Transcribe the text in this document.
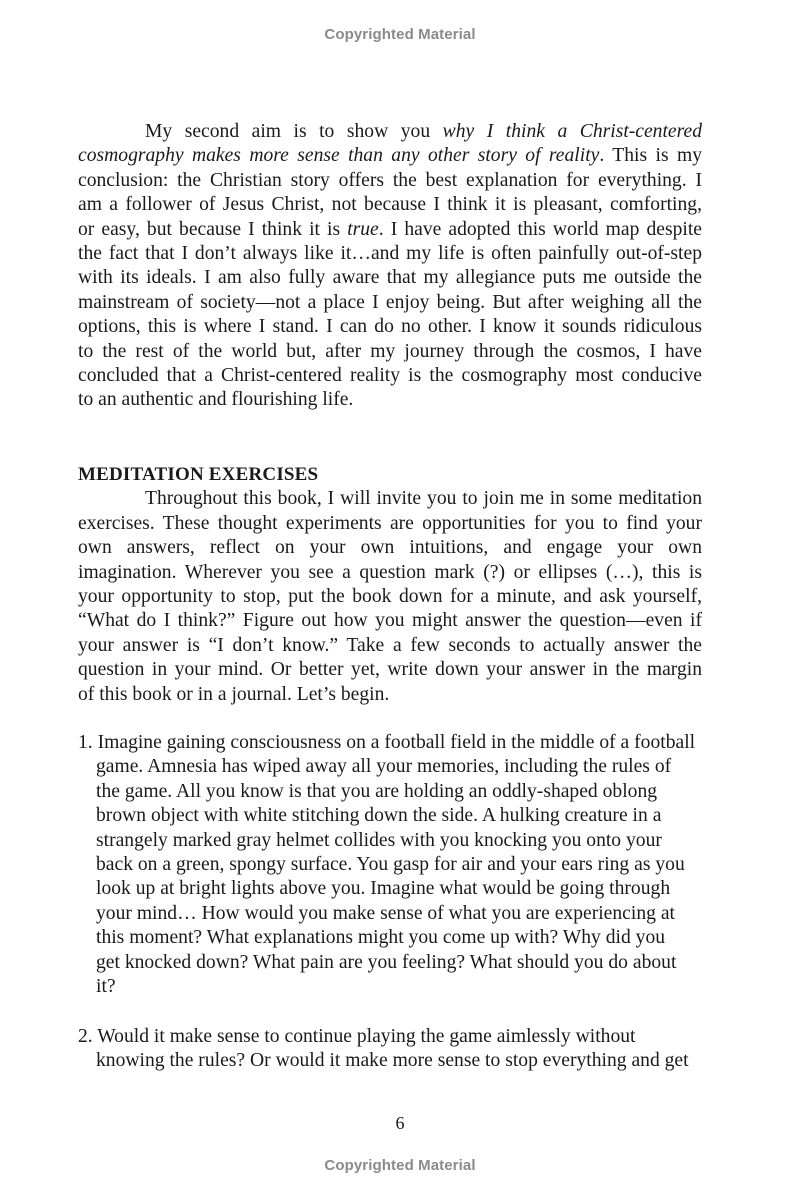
Copyrighted Material
My second aim is to show you why I think a Christ-centered
cosmography makes more sense than any other story of reality. This is my
conclusion: the Christian story offers the best explanation for everything. I
am a follower of Jesus Christ, not because I think it is pleasant, comforting,
or easy, but because I think it is true. I have adopted this world map despite
the fact that I don’t always like it…and my life is often painfully out-of-step
with its ideals. I am also fully aware that my allegiance puts me outside the
mainstream of society—not a place I enjoy being. But after weighing all the
options, this is where I stand. I can do no other. I know it sounds ridiculous
to the rest of the world but, after my journey through the cosmos, I have
concluded that a Christ-centered reality is the cosmography most conducive
to an authentic and flourishing life.
MEDITATION EXERCISES
Throughout this book, I will invite you to join me in some meditation
exercises. These thought experiments are opportunities for you to find your
own answers, reflect on your own intuitions, and engage your own
imagination. Wherever you see a question mark (?) or ellipses (…), this is
your opportunity to stop, put the book down for a minute, and ask yourself,
“What do I think?” Figure out how you might answer the question—even if
your answer is “I don’t know.” Take a few seconds to actually answer the
question in your mind. Or better yet, write down your answer in the margin
of this book or in a journal. Let’s begin.
1. Imagine gaining consciousness on a football field in the middle of a football
game. Amnesia has wiped away all your memories, including the rules of
the game. All you know is that you are holding an oddly-shaped oblong
brown object with white stitching down the side. A hulking creature in a
strangely marked gray helmet collides with you knocking you onto your
back on a green, spongy surface. You gasp for air and your ears ring as you
look up at bright lights above you. Imagine what would be going through
your mind… How would you make sense of what you are experiencing at
this moment? What explanations might you come up with? Why did you
get knocked down? What pain are you feeling? What should you do about
it?
2. Would it make sense to continue playing the game aimlessly without
knowing the rules? Or would it make more sense to stop everything and get
6
Copyrighted Material
